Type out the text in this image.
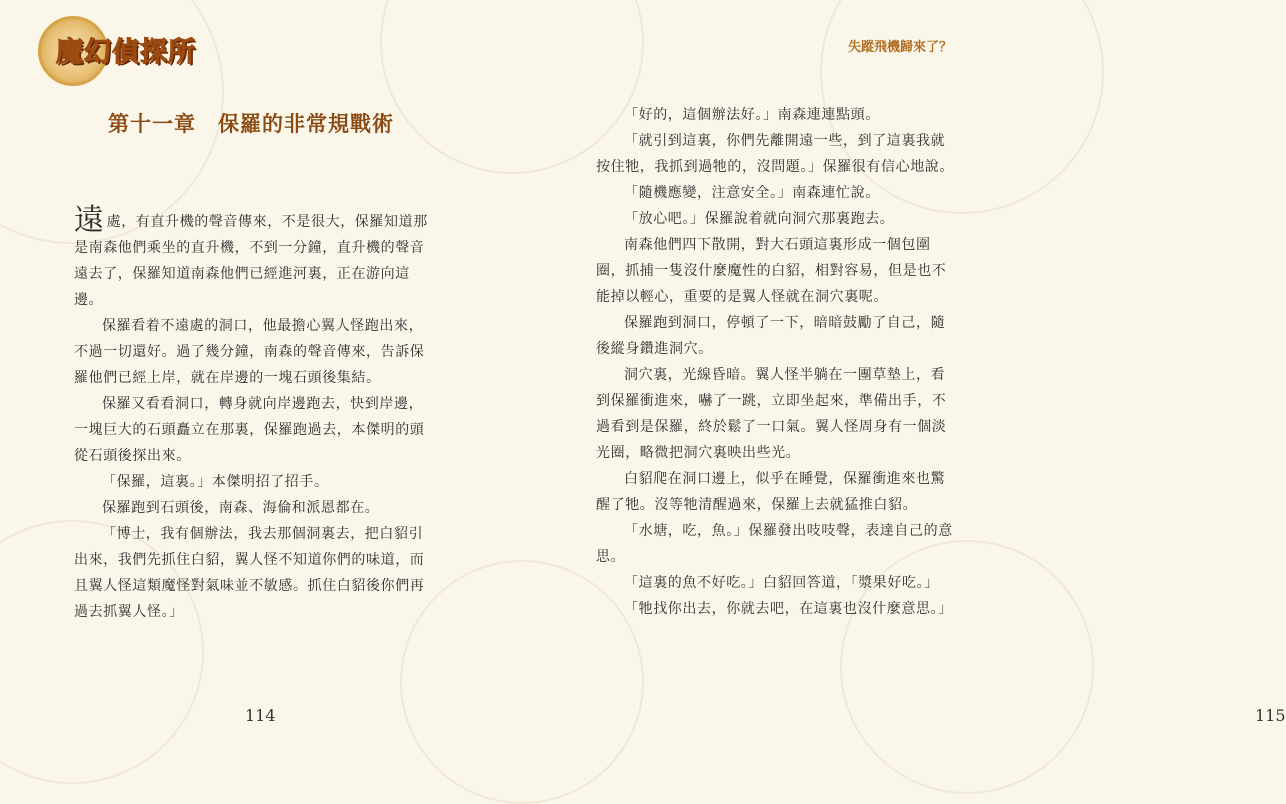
魔幻偵探所
第十一章　保羅的非常規戰術

遠處，有直升機的聲音傳來，不是很大，保羅知道那是南森他們乘坐的直升機，不到一分鐘，直升機的聲音遠去了，保羅知道南森他們已經進河裏，正在游向這邊。

保羅看着不遠處的洞口，他最擔心翼人怪跑出來，不過一切還好。過了幾分鐘，南森的聲音傳來，告訴保羅他們已經上岸，就在岸邊的一塊石頭後集結。

保羅又看看洞口，轉身就向岸邊跑去，快到岸邊，一塊巨大的石頭矗立在那裏，保羅跑過去，本傑明的頭從石頭後探出來。

「保羅，這裏。」本傑明招了招手。

保羅跑到石頭後，南森、海倫和派恩都在。

「博士，我有個辦法，我去那個洞裏去，把白貂引出來，我們先抓住白貂，翼人怪不知道你們的味道，而且翼人怪這類魔怪對氣味並不敏感。抓住白貂後你們再過去抓翼人怪。」

114
失蹤飛機歸來了？
115

「好的，這個辦法好。」南森連連點頭。

「就引到這裏，你們先離開遠一些，到了這裏我就按住牠，我抓到過牠的，沒問題。」保羅很有信心地說。

「隨機應變，注意安全。」南森連忙說。

「放心吧。」保羅說着就向洞穴那裏跑去。

南森他們四下散開，對大石頭這裏形成一個包圍圈，抓捕一隻沒什麼魔性的白貂，相對容易，但是也不能掉以輕心，重要的是翼人怪就在洞穴裏呢。

保羅跑到洞口，停頓了一下，暗暗鼓勵了自己，隨後縱身鑽進洞穴。

洞穴裏，光線昏暗。翼人怪半躺在一團草墊上，看到保羅衝進來，嚇了一跳，立即坐起來，準備出手，不過看到是保羅，終於鬆了一口氣。翼人怪周身有一個淡光圈，略微把洞穴裏映出些光。

白貂爬在洞口邊上，似乎在睡覺，保羅衝進來也驚醒了牠。沒等牠清醒過來，保羅上去就猛推白貂。

「水塘，吃，魚。」保羅發出吱吱聲，表達自己的意思。

「這裏的魚不好吃。」白貂回答道，「漿果好吃。」

「牠找你出去，你就去吧，在這裏也沒什麼意思。」
